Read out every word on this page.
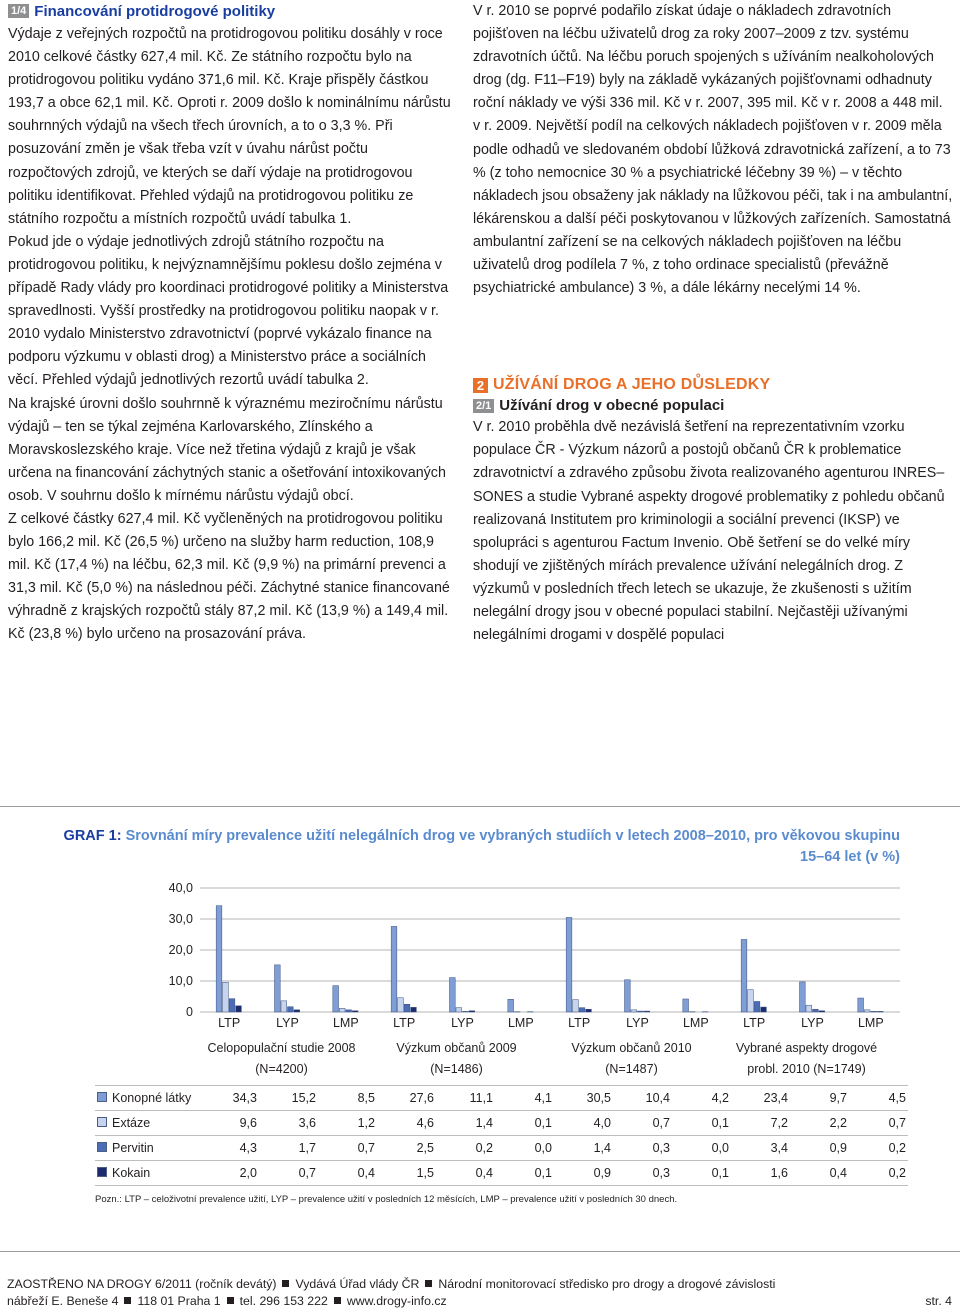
1/4 Financování protidrogové politiky

Výdaje z veřejných rozpočtů na protidrogovou politiku dosáhly v roce 2010 celkové částky 627,4 mil. Kč. Ze státního rozpočtu bylo na protidrogovou politiku vydáno 371,6 mil. Kč. Kraje přispěly částkou 193,7 a obce 62,1 mil. Kč. Oproti r. 2009 došlo k nominálnímu nárůstu souhrnných výdajů na všech třech úrovních, a to o 3,3 %. Při posuzování změn je však třeba vzít v úvahu nárůst počtu rozpočtových zdrojů, ve kterých se daří výdaje na protidrogovou politiku identifikovat. Přehled výdajů na protidrogovou politiku ze státního rozpočtu a místních rozpočtů uvádí tabulka 1.

Pokud jde o výdaje jednotlivých zdrojů státního rozpočtu na protidrogovou politiku, k nejvýznamnějšímu poklesu došlo zejména v případě Rady vlády pro koordinaci protidrogové politiky a Ministerstva spravedlnosti. Vyšší prostředky na protidrogovou politiku naopak v r. 2010 vydalo Ministerstvo zdravotnictví (poprvé vykázalo finance na podporu výzkumu v oblasti drog) a Ministerstvo práce a sociálních věcí. Přehled výdajů jednotlivých rezortů uvádí tabulka 2.

Na krajské úrovni došlo souhrnně k výraznému meziročnímu nárůstu výdajů – ten se týkal zejména Karlovarského, Zlínského a Moravskoslezského kraje. Více než třetina výdajů z krajů je však určena na financování záchytných stanic a ošetřování intoxikovaných osob. V souhrnu došlo k mírnému nárůstu výdajů obcí.

Z celkové částky 627,4 mil. Kč vyčleněných na protidrogovou politiku bylo 166,2 mil. Kč (26,5 %) určeno na služby harm reduction, 108,9 mil. Kč (17,4 %) na léčbu, 62,3 mil. Kč (9,9 %) na primární prevenci a 31,3 mil. Kč (5,0 %) na následnou péči. Záchytné stanice financované výhradně z krajských rozpočtů stály 87,2 mil. Kč (13,9 %) a 149,4 mil. Kč (23,8 %) bylo určeno na prosazování práva.

V r. 2010 se poprvé podařilo získat údaje o nákladech zdravotních pojišťoven na léčbu uživatelů drog za roky 2007–2009 z tzv. systému zdravotních účtů. Na léčbu poruch spojených s užíváním nealkoholových drog (dg. F11–F19) byly na základě vykázaných pojišťovnami odhadnuty roční náklady ve výši 336 mil. Kč v r. 2007, 395 mil. Kč v r. 2008 a 448 mil. v r. 2009. Největší podíl na celkových nákladech pojišťoven v r. 2009 měla podle odhadů ve sledovaném období lůžková zdravotnická zařízení, a to 73 % (z toho nemocnice 30 % a psychiatrické léčebny 39 %) – v těchto nákladech jsou obsaženy jak náklady na lůžkovou péči, tak i na ambulantní, lékárenskou a další péči poskytovanou v lůžkových zařízeních. Samostatná ambulantní zařízení se na celkových nákladech pojišťoven na léčbu uživatelů drog podílela 7 %, z toho ordinace specialistů (převážně psychiatrické ambulance) 3 %, a dále lékárny necelými 14 %.

2 UŽÍVÁNÍ DROG A JEHO DŮSLEDKY
2/1 Užívání drog v obecné populaci

V r. 2010 proběhla dvě nezávislá šetření na reprezentativním vzorku populace ČR - Výzkum názorů a postojů občanů ČR k problematice zdravotnictví a zdravého způsobu života realizovaného agenturou INRES–SONES a studie Vybrané aspekty drogové problematiky z pohledu občanů realizovaná Institutem pro kriminologii a sociální prevenci (IKSP) ve spolupráci s agenturou Factum Invenio. Obě šetření se do velké míry shodují ve zjištěných mírách prevalence užívání nelegálních drog. Z výzkumů v posledních třech letech se ukazuje, že zkušenosti s užitím nelegální drogy jsou v obecné populaci stabilní. Nejčastěji užívanými nelegálními drogami v dospělé populaci

GRAF 1: Srovnání míry prevalence užití nelegálních drog ve vybraných studiích v letech 2008–2010, pro věkovou skupinu 15–64 let (v %)
40,0
30,0
20,0
10,0
0
LTP	LYP	LMP	LTP	LYP	LMP	LTP	LYP	LMP	LTP	LYP	LMP
Celopopulační studie 2008
(N=4200)
Výzkum občanů 2009
(N=1486)
Výzkum občanů 2010
(N=1487)
Vybrané aspekty drogové
probl. 2010 (N=1749)
Konopné látky	34,3	15,2	8,5	27,6	11,1	4,1	30,5	10,4	4,2	23,4	9,7	4,5
Extáze	9,6	3,6	1,2	4,6	1,4	0,1	4,0	0,7	0,1	7,2	2,2	0,7
Pervitin	4,3	1,7	0,7	2,5	0,2	0,0	1,4	0,3	0,0	3,4	0,9	0,2
Kokain	2,0	0,7	0,4	1,5	0,4	0,1	0,9	0,3	0,1	1,6	0,4	0,2
Pozn.: LTP – celoživotní prevalence užití, LYP – prevalence užití v posledních 12 měsících, LMP – prevalence užití v posledních 30 dnech.
ZAOSTŘENO NA DROGY 6/2011 (ročník devátý) Vydává Úřad vlády ČR Národní monitorovací středisko pro drogy a drogové závislosti
nábřeží E. Beneše 4 118 01 Praha 1 tel. 296 153 222 www.drogy-info.cz	str. 4
